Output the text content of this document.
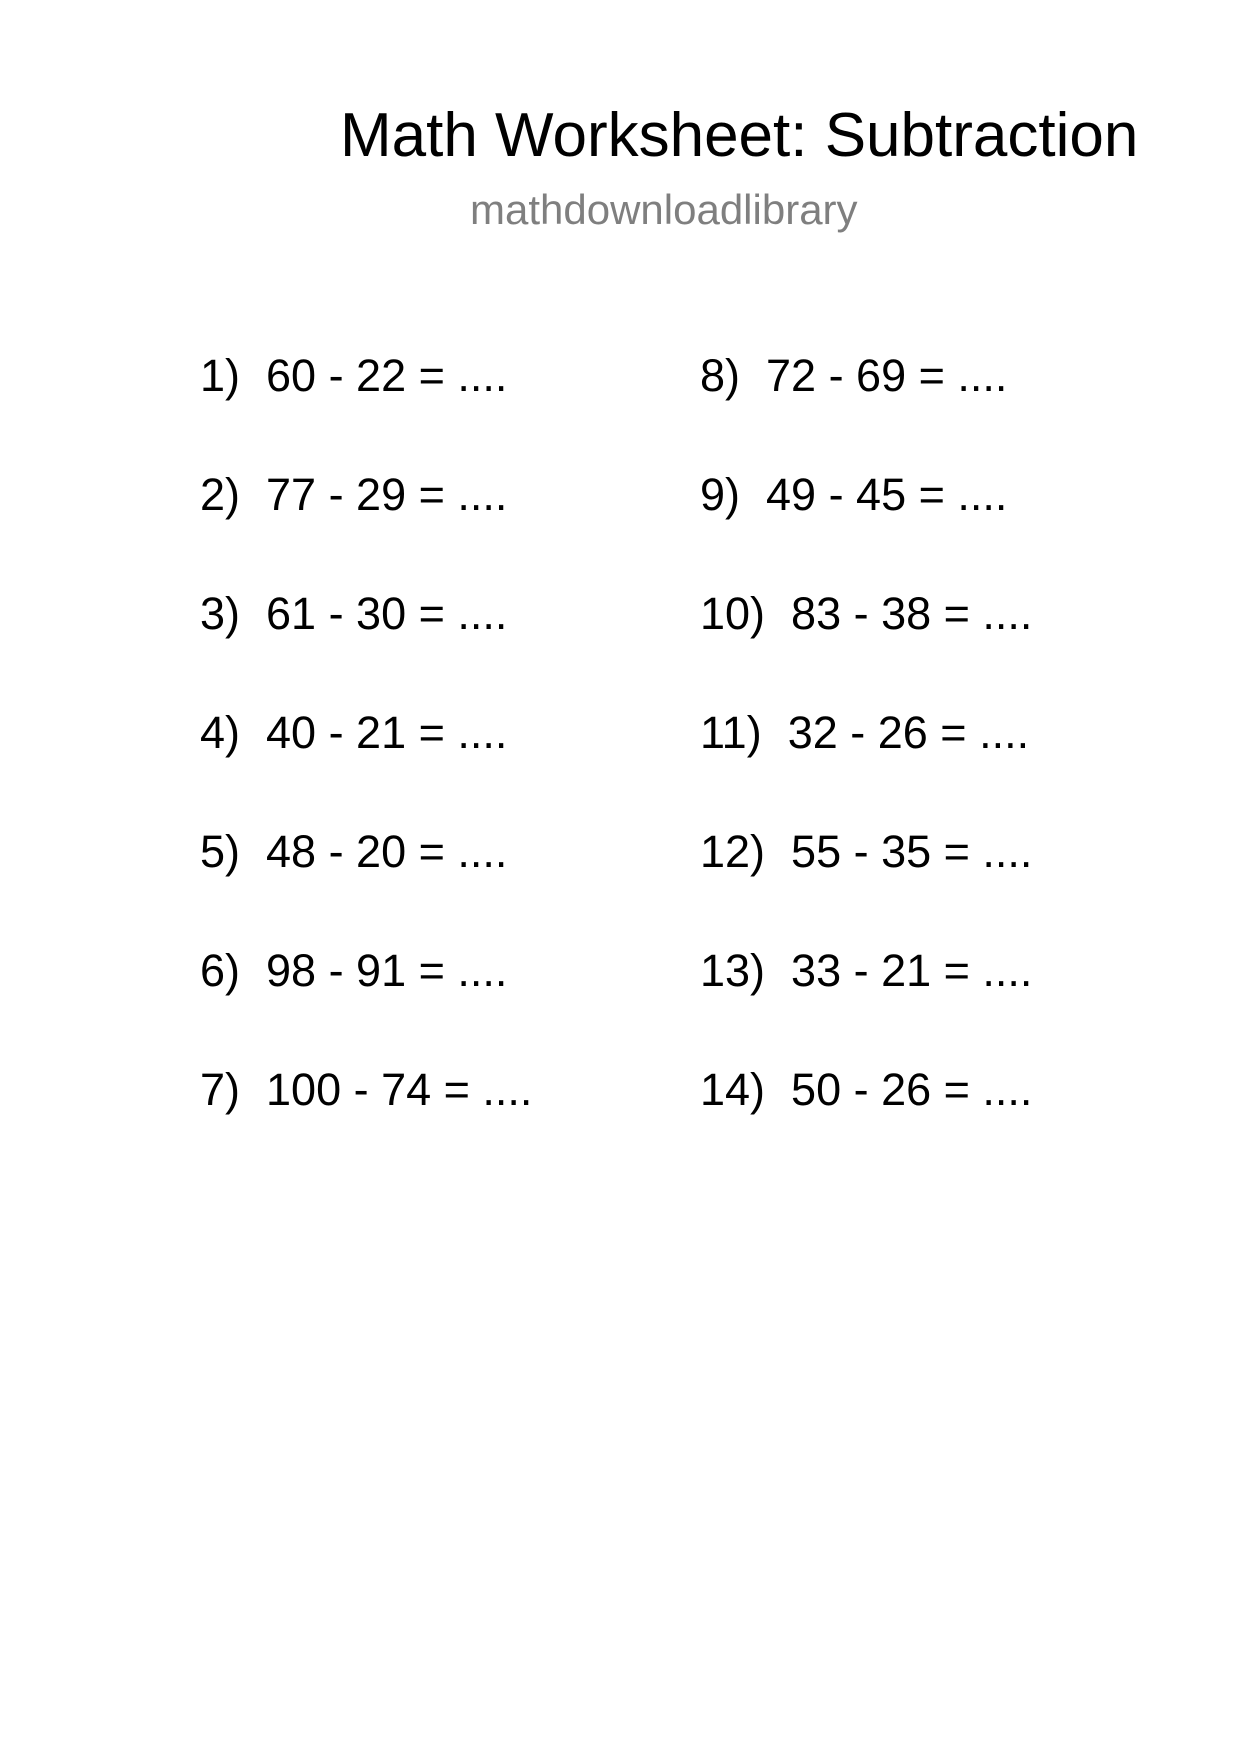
Math Worksheet: Subtraction
mathdownloadlibrary
1) 60 - 22 = ....
2) 77 - 29 = ....
3) 61 - 30 = ....
4) 40 - 21 = ....
5) 48 - 20 = ....
6) 98 - 91 = ....
7) 100 - 74 = ....
8) 72 - 69 = ....
9) 49 - 45 = ....
10) 83 - 38 = ....
11) 32 - 26 = ....
12) 55 - 35 = ....
13) 33 - 21 = ....
14) 50 - 26 = ....
